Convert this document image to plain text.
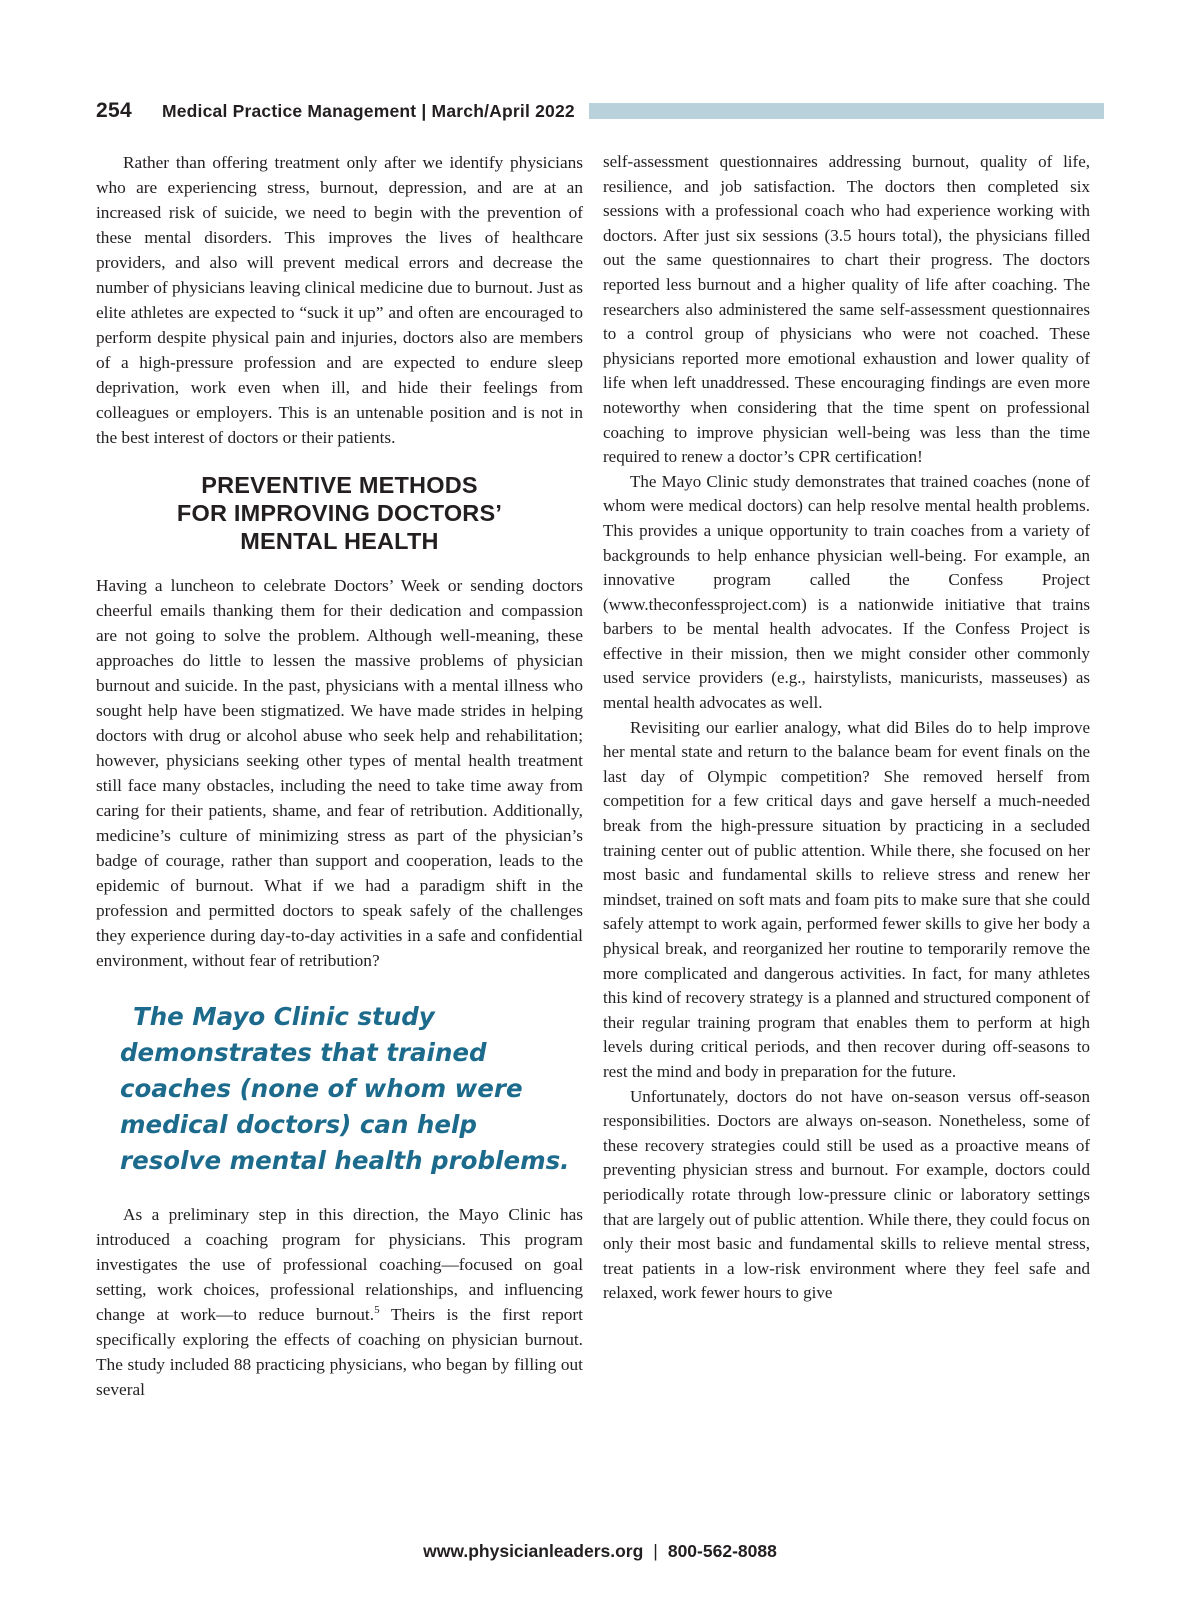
254 Medical Practice Management | March/April 2022

Rather than offering treatment only after we identify physicians who are experiencing stress, burnout, depression, and are at an increased risk of suicide, we need to begin with the prevention of these mental disorders. This improves the lives of healthcare providers, and also will prevent medical errors and decrease the number of physicians leaving clinical medicine due to burnout. Just as elite athletes are expected to “suck it up” and often are encouraged to perform despite physical pain and injuries, doctors also are members of a high-pressure profession and are expected to endure sleep deprivation, work even when ill, and hide their feelings from colleagues or employers. This is an untenable position and is not in the best interest of doctors or their patients.

PREVENTIVE METHODS
FOR IMPROVING DOCTORS’
MENTAL HEALTH

Having a luncheon to celebrate Doctors’ Week or sending doctors cheerful emails thanking them for their dedication and compassion are not going to solve the problem. Although well-meaning, these approaches do little to lessen the massive problems of physician burnout and suicide. In the past, physicians with a mental illness who sought help have been stigmatized. We have made strides in helping doctors with drug or alcohol abuse who seek help and rehabilitation; however, physicians seeking other types of mental health treatment still face many obstacles, including the need to take time away from caring for their patients, shame, and fear of retribution. Additionally, medicine’s culture of minimizing stress as part of the physician’s badge of courage, rather than support and cooperation, leads to the epidemic of burnout. What if we had a paradigm shift in the profession and permitted doctors to speak safely of the challenges they experience during day-to-day activities in a safe and confidential environment, without fear of retribution?

The Mayo Clinic study demonstrates that trained coaches (none of whom were medical doctors) can help resolve mental health problems.

As a preliminary step in this direction, the Mayo Clinic has introduced a coaching program for physicians. This program investigates the use of professional coaching—focused on goal setting, work choices, professional relationships, and influencing change at work—to reduce burnout.$^5$ Theirs is the first report specifically exploring the effects of coaching on physician burnout. The study included 88 practicing physicians, who began by filling out several

self-assessment questionnaires addressing burnout, quality of life, resilience, and job satisfaction. The doctors then completed six sessions with a professional coach who had experience working with doctors. After just six sessions (3.5 hours total), the physicians filled out the same questionnaires to chart their progress. The doctors reported less burnout and a higher quality of life after coaching. The researchers also administered the same self-assessment questionnaires to a control group of physicians who were not coached. These physicians reported more emotional exhaustion and lower quality of life when left unaddressed. These encouraging findings are even more noteworthy when considering that the time spent on professional coaching to improve physician well-being was less than the time required to renew a doctor’s CPR certification!

The Mayo Clinic study demonstrates that trained coaches (none of whom were medical doctors) can help resolve mental health problems. This provides a unique opportunity to train coaches from a variety of backgrounds to help enhance physician well-being. For example, an innovative program called the Confess Project (www.theconfessproject.com) is a nationwide initiative that trains barbers to be mental health advocates. If the Confess Project is effective in their mission, then we might consider other commonly used service providers (e.g., hairstylists, manicurists, masseuses) as mental health advocates as well.

Revisiting our earlier analogy, what did Biles do to help improve her mental state and return to the balance beam for event finals on the last day of Olympic competition? She removed herself from competition for a few critical days and gave herself a much-needed break from the high-pressure situation by practicing in a secluded training center out of public attention. While there, she focused on her most basic and fundamental skills to relieve stress and renew her mindset, trained on soft mats and foam pits to make sure that she could safely attempt to work again, performed fewer skills to give her body a physical break, and reorganized her routine to temporarily remove the more complicated and dangerous activities. In fact, for many athletes this kind of recovery strategy is a planned and structured component of their regular training program that enables them to perform at high levels during critical periods, and then recover during off-seasons to rest the mind and body in preparation for the future.

Unfortunately, doctors do not have on-season versus off-season responsibilities. Doctors are always on-season. Nonetheless, some of these recovery strategies could still be used as a proactive means of preventing physician stress and burnout. For example, doctors could periodically rotate through low-pressure clinic or laboratory settings that are largely out of public attention. While there, they could focus on only their most basic and fundamental skills to relieve mental stress, treat patients in a low-risk environment where they feel safe and relaxed, work fewer hours to give

www.physicianleaders.org | 800-562-8088
